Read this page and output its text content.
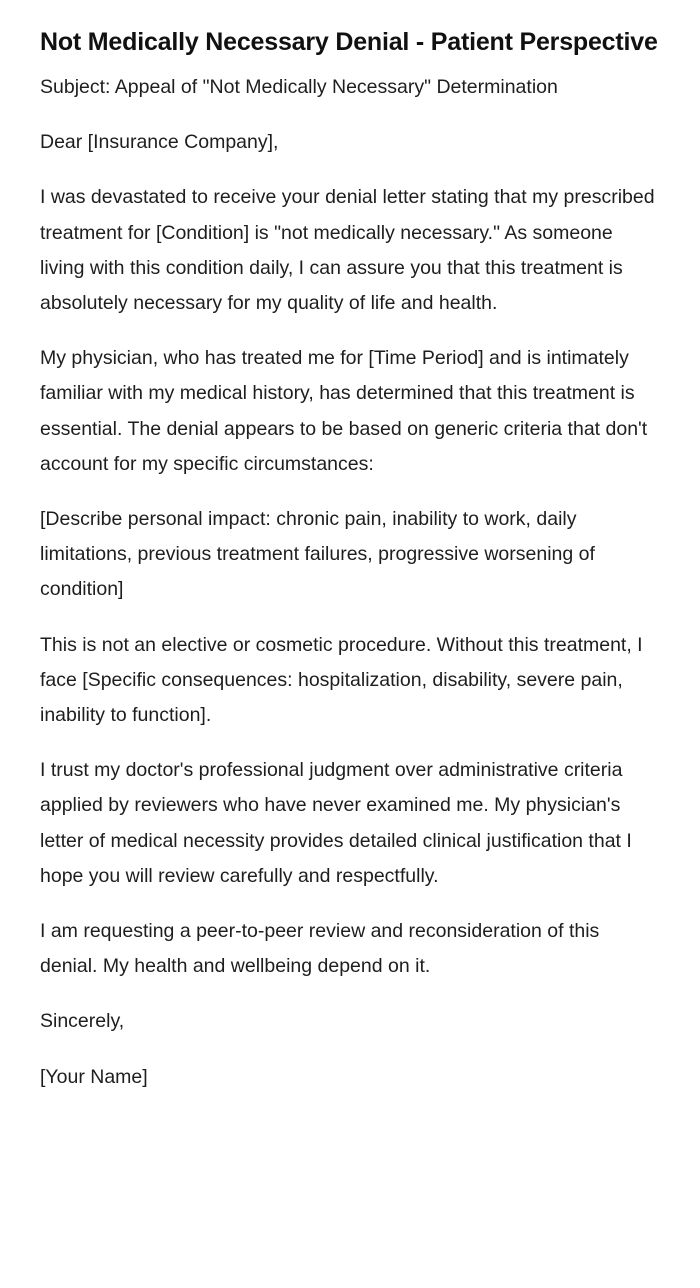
Not Medically Necessary Denial - Patient Perspective

Subject: Appeal of "Not Medically Necessary" Determination

Dear [Insurance Company],

I was devastated to receive your denial letter stating that my prescribed treatment for [Condition] is "not medically necessary." As someone living with this condition daily, I can assure you that this treatment is absolutely necessary for my quality of life and health.

My physician, who has treated me for [Time Period] and is intimately familiar with my medical history, has determined that this treatment is essential. The denial appears to be based on generic criteria that don't account for my specific circumstances:

[Describe personal impact: chronic pain, inability to work, daily limitations, previous treatment failures, progressive worsening of condition]

This is not an elective or cosmetic procedure. Without this treatment, I face [Specific consequences: hospitalization, disability, severe pain, inability to function].

I trust my doctor's professional judgment over administrative criteria applied by reviewers who have never examined me. My physician's letter of medical necessity provides detailed clinical justification that I hope you will review carefully and respectfully.

I am requesting a peer-to-peer review and reconsideration of this denial. My health and wellbeing depend on it.

Sincerely,

[Your Name]
